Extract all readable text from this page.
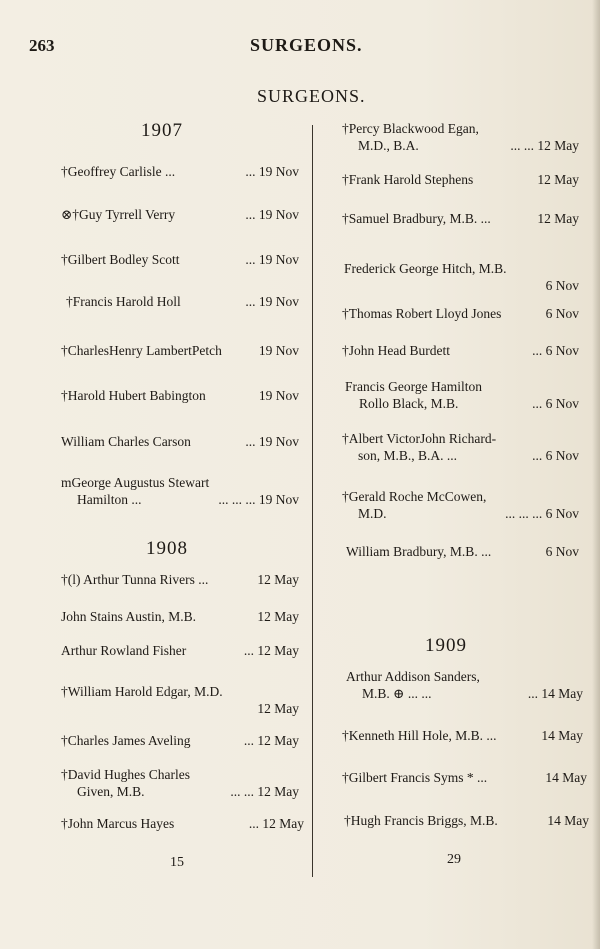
263	SURGEONS.
SURGEONS.
1907
†Geoffrey Carlisle ...	... 19 Nov
⊗†Guy Tyrrell Verry	... 19 Nov
†Gilbert Bodley Scott	... 19 Nov
†Francis Harold Holl	... 19 Nov
†CharlesHenry LambertPetch	19 Nov
†Harold Hubert Babington	19 Nov
William Charles Carson	... 19 Nov
mGeorge Augustus Stewart
Hamilton ...	... ... ... 19 Nov
1908
†(l) Arthur Tunna Rivers ...	12 May
John Stains Austin, M.B.	12 May
Arthur Rowland Fisher	... 12 May
†William Harold Edgar, M.D.
12 May
†Charles James Aveling	... 12 May
†David Hughes Charles
Given, M.B.	... ... 12 May
†John Marcus Hayes	... 12 May
15
†Percy Blackwood Egan,
M.D., B.A.	... ... 12 May
†Frank Harold Stephens	12 May
†Samuel Bradbury, M.B. ...	12 May
Frederick George Hitch, M.B.
6 Nov
†Thomas Robert Lloyd Jones	6 Nov
†John Head Burdett	... 6 Nov
Francis George Hamilton
Rollo Black, M.B.	... 6 Nov
†Albert VictorJohn Richard-
son, M.B., B.A. ...	... 6 Nov
†Gerald Roche McCowen,
M.D.	... ... ... 6 Nov
William Bradbury, M.B. ...	6 Nov
1909
Arthur Addison Sanders,
M.B. ⊕ ... ...	... 14 May
†Kenneth Hill Hole, M.B. ...	14 May
†Gilbert Francis Syms * ...	14 May
†Hugh Francis Briggs, M.B.	14 May
29
